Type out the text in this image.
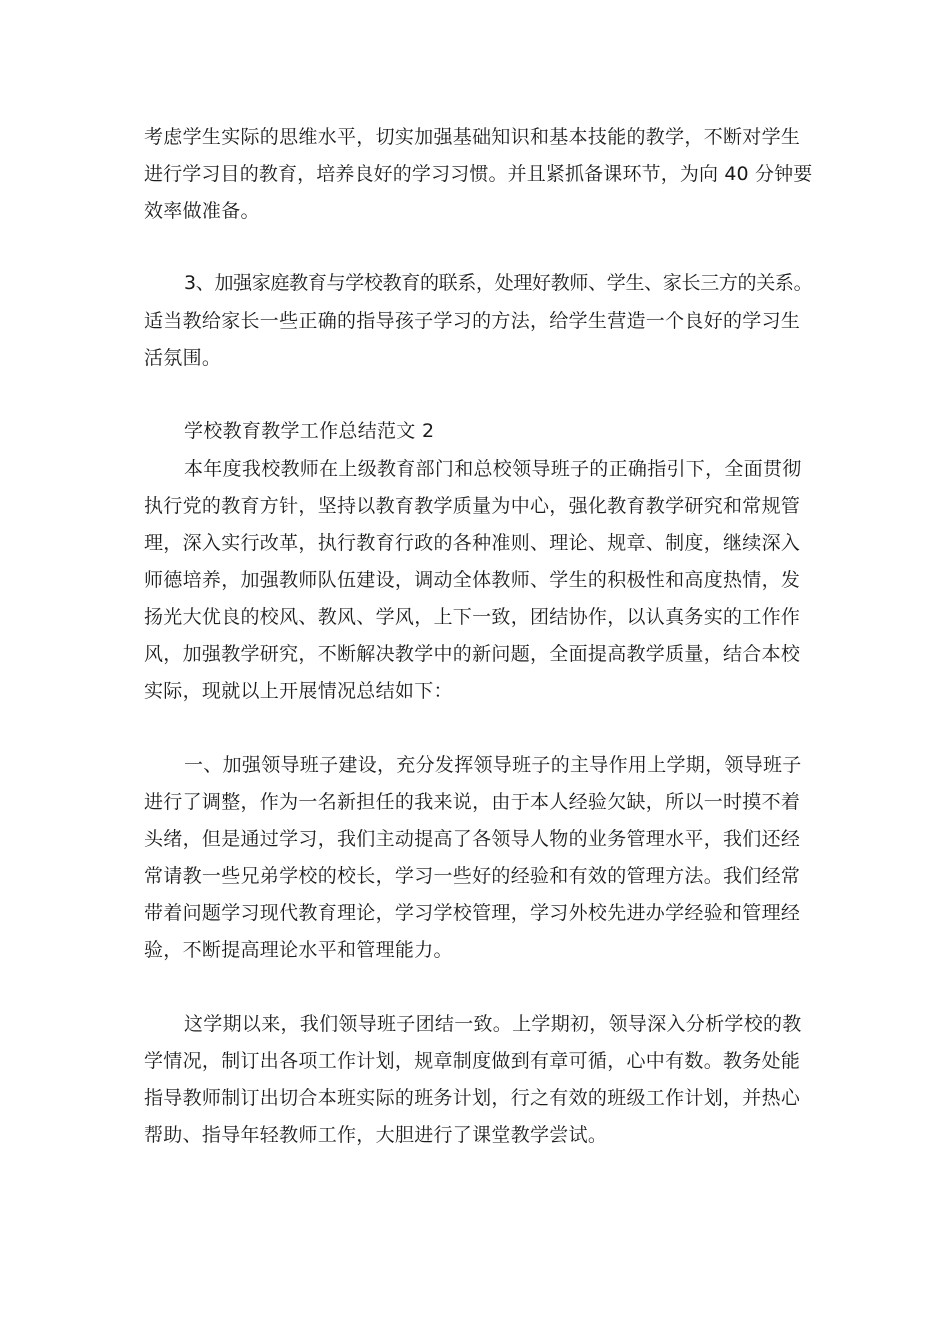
考虑学生实际的思维水平，切实加强基础知识和基本技能的教学，不断对学生

进行学习目的教育，培养良好的学习习惯。并且紧抓备课环节，为向 40 分钟要

效率做准备。

3、加强家庭教育与学校教育的联系，处理好教师、学生、家长三方的关系。

适当教给家长一些正确的指导孩子学习的方法，给学生营造一个良好的学习生

活氛围。

学校教育教学工作总结范文 2

本年度我校教师在上级教育部门和总校领导班子的正确指引下，全面贯彻

执行党的教育方针，坚持以教育教学质量为中心，强化教育教学研究和常规管

理，深入实行改革，执行教育行政的各种准则、理论、规章、制度，继续深入

师德培养，加强教师队伍建设，调动全体教师、学生的积极性和高度热情，发

扬光大优良的校风、教风、学风，上下一致，团结协作，以认真务实的工作作

风，加强教学研究，不断解决教学中的新问题，全面提高教学质量，结合本校

实际，现就以上开展情况总结如下：

一、加强领导班子建设，充分发挥领导班子的主导作用上学期，领导班子

进行了调整，作为一名新担任的我来说，由于本人经验欠缺，所以一时摸不着

头绪，但是通过学习，我们主动提高了各领导人物的业务管理水平，我们还经

常请教一些兄弟学校的校长，学习一些好的经验和有效的管理方法。我们经常

带着问题学习现代教育理论，学习学校管理，学习外校先进办学经验和管理经

验，不断提高理论水平和管理能力。

这学期以来，我们领导班子团结一致。上学期初，领导深入分析学校的教

学情况，制订出各项工作计划，规章制度做到有章可循，心中有数。教务处能

指导教师制订出切合本班实际的班务计划，行之有效的班级工作计划，并热心

帮助、指导年轻教师工作，大胆进行了课堂教学尝试。
